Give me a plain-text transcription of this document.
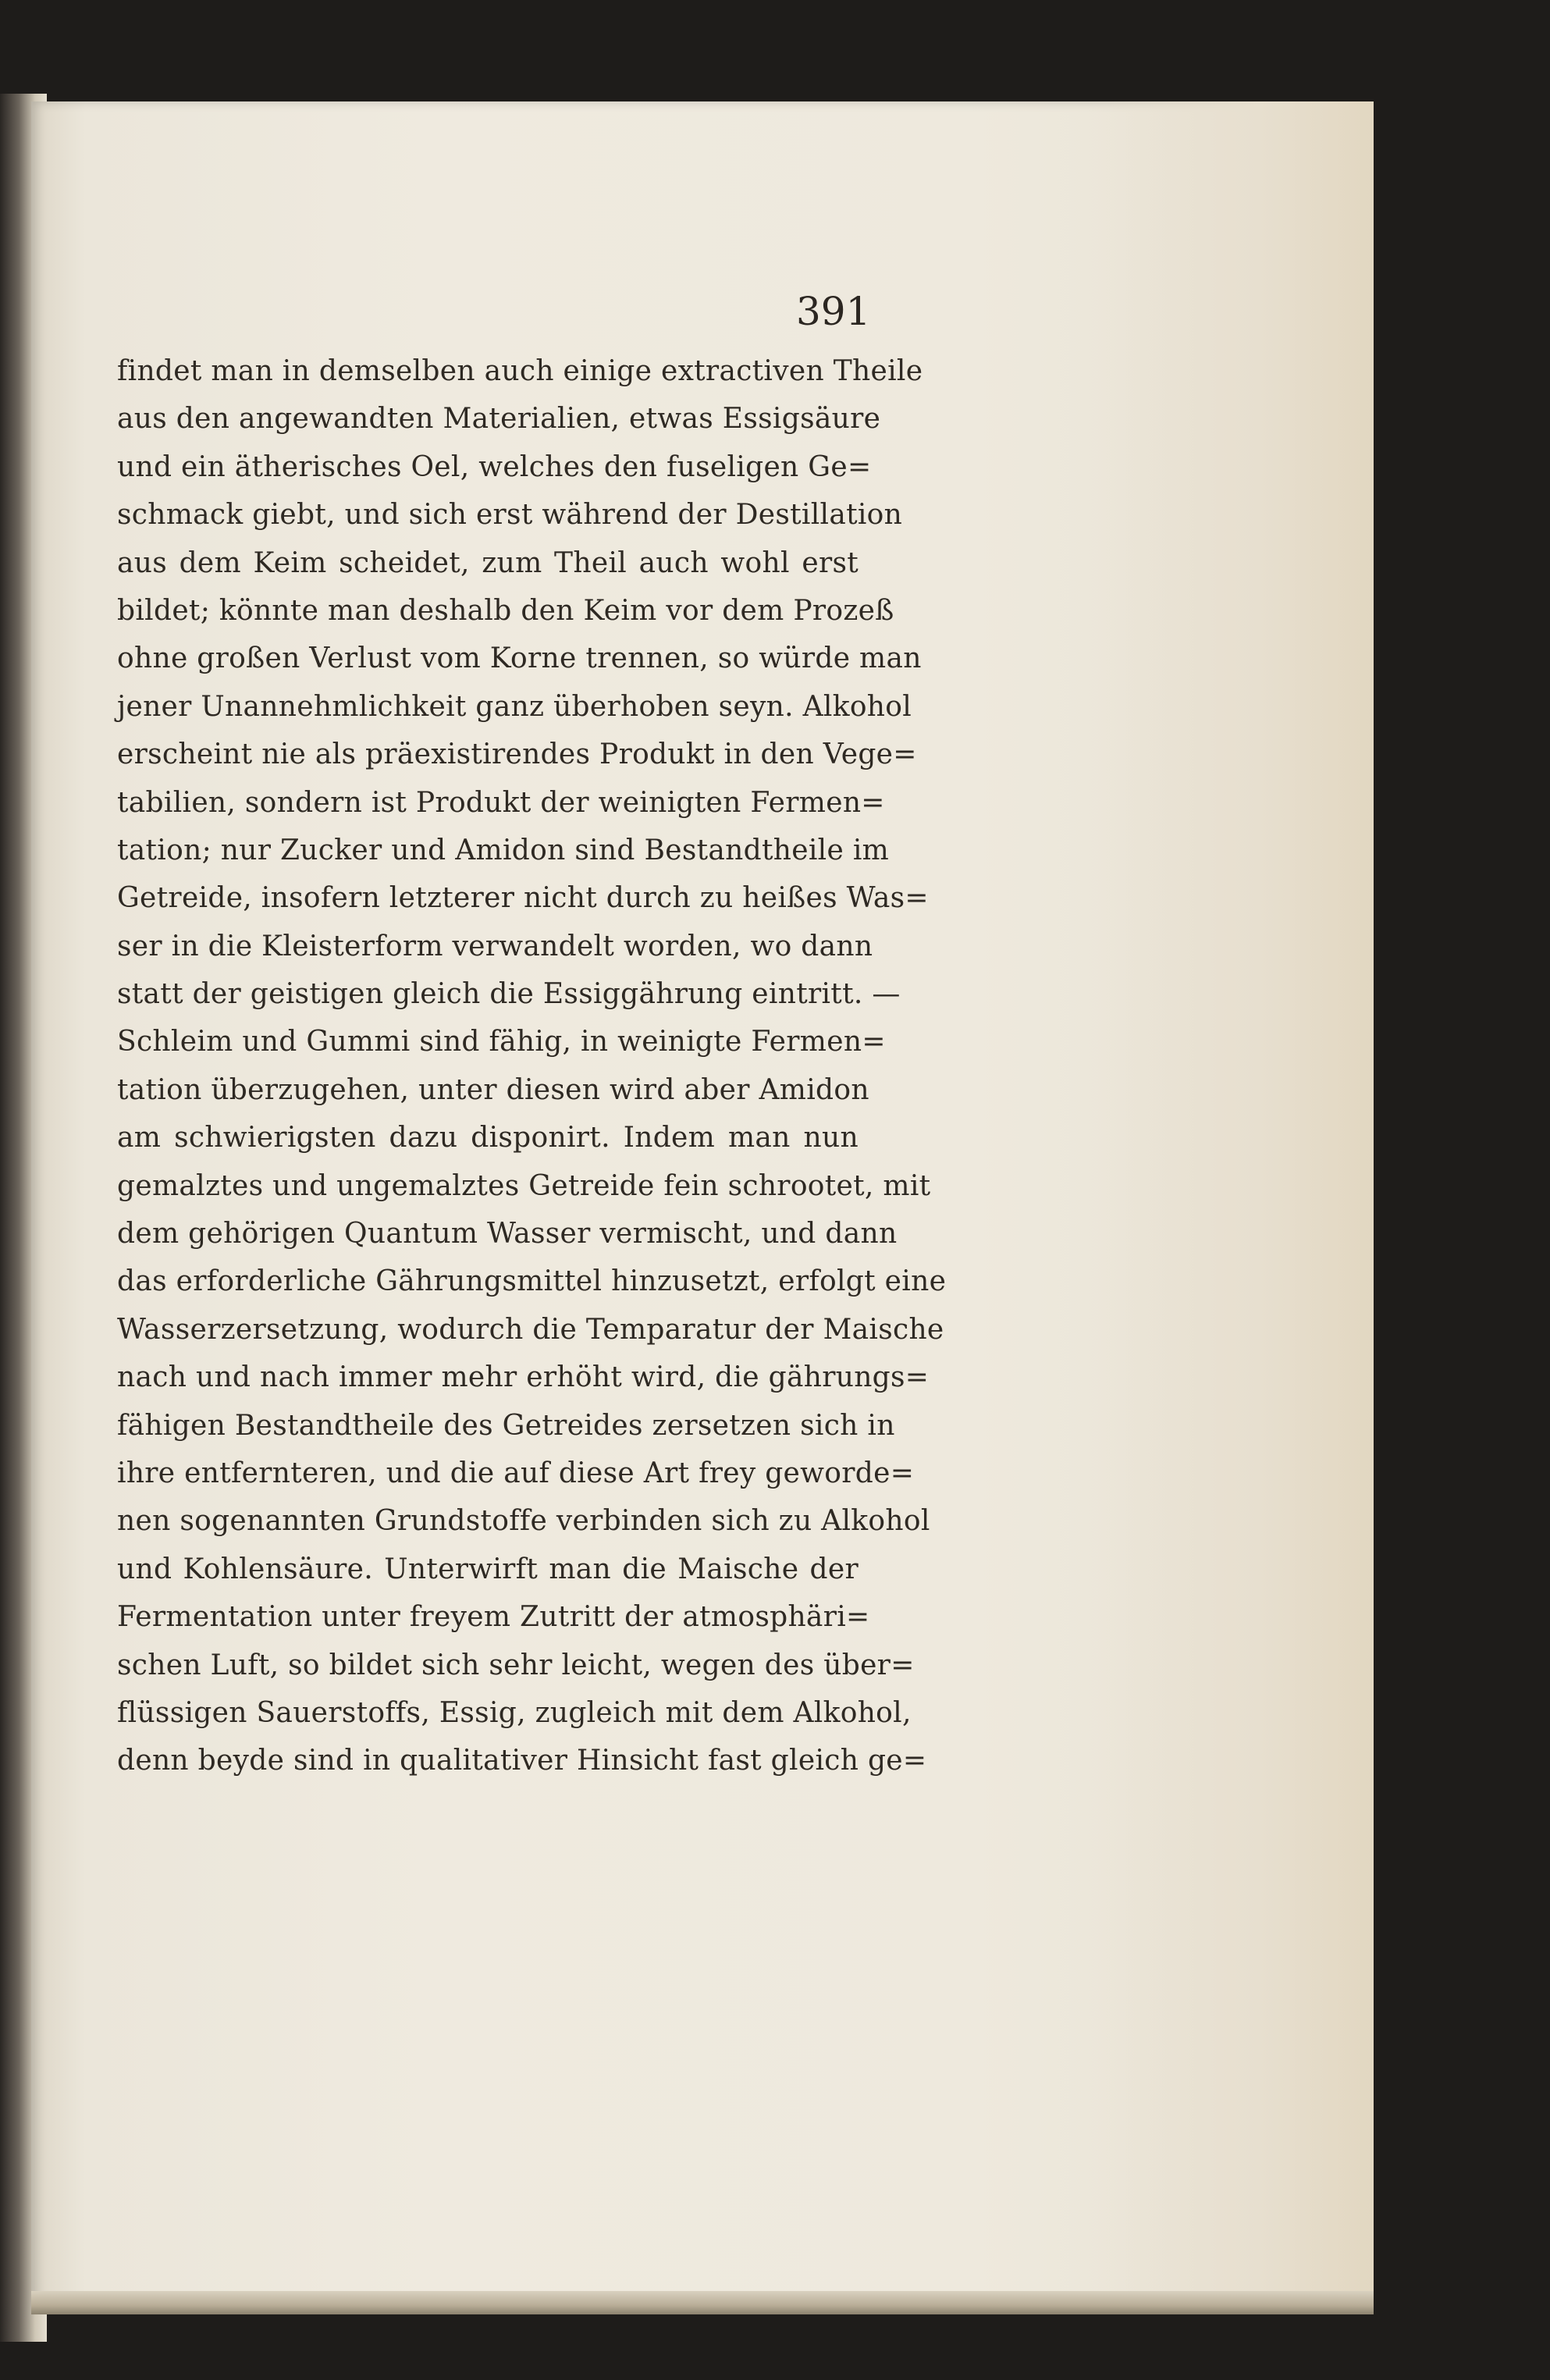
391
findet man in demselben auch einige extractiven Theile
aus den angewandten Materialien, etwas Essigsäure
und ein ätherisches Oel, welches den fuseligen Ge=
schmack giebt, und sich erst während der Destillation
aus dem Keim scheidet, zum Theil auch wohl erst
bildet; könnte man deshalb den Keim vor dem Prozeß
ohne großen Verlust vom Korne trennen, so würde man
jener Unannehmlichkeit ganz überhoben seyn. Alkohol
erscheint nie als präexistirendes Produkt in den Vege=
tabilien, sondern ist Produkt der weinigten Fermen=
tation; nur Zucker und Amidon sind Bestandtheile im
Getreide, insofern letzterer nicht durch zu heißes Was=
ser in die Kleisterform verwandelt worden, wo dann
statt der geistigen gleich die Essiggährung eintritt. —
Schleim und Gummi sind fähig, in weinigte Fermen=
tation überzugehen, unter diesen wird aber Amidon
am schwierigsten dazu disponirt. Indem man nun
gemalztes und ungemalztes Getreide fein schrootet, mit
dem gehörigen Quantum Wasser vermischt, und dann
das erforderliche Gährungsmittel hinzusetzt, erfolgt eine
Wasserzersetzung, wodurch die Temparatur der Maische
nach und nach immer mehr erhöht wird, die gährungs=
fähigen Bestandtheile des Getreides zersetzen sich in
ihre entfernteren, und die auf diese Art frey geworde=
nen sogenannten Grundstoffe verbinden sich zu Alkohol
und Kohlensäure. Unterwirft man die Maische der
Fermentation unter freyem Zutritt der atmosphäri=
schen Luft, so bildet sich sehr leicht, wegen des über=
flüssigen Sauerstoffs, Essig, zugleich mit dem Alkohol,
denn beyde sind in qualitativer Hinsicht fast gleich ge=
